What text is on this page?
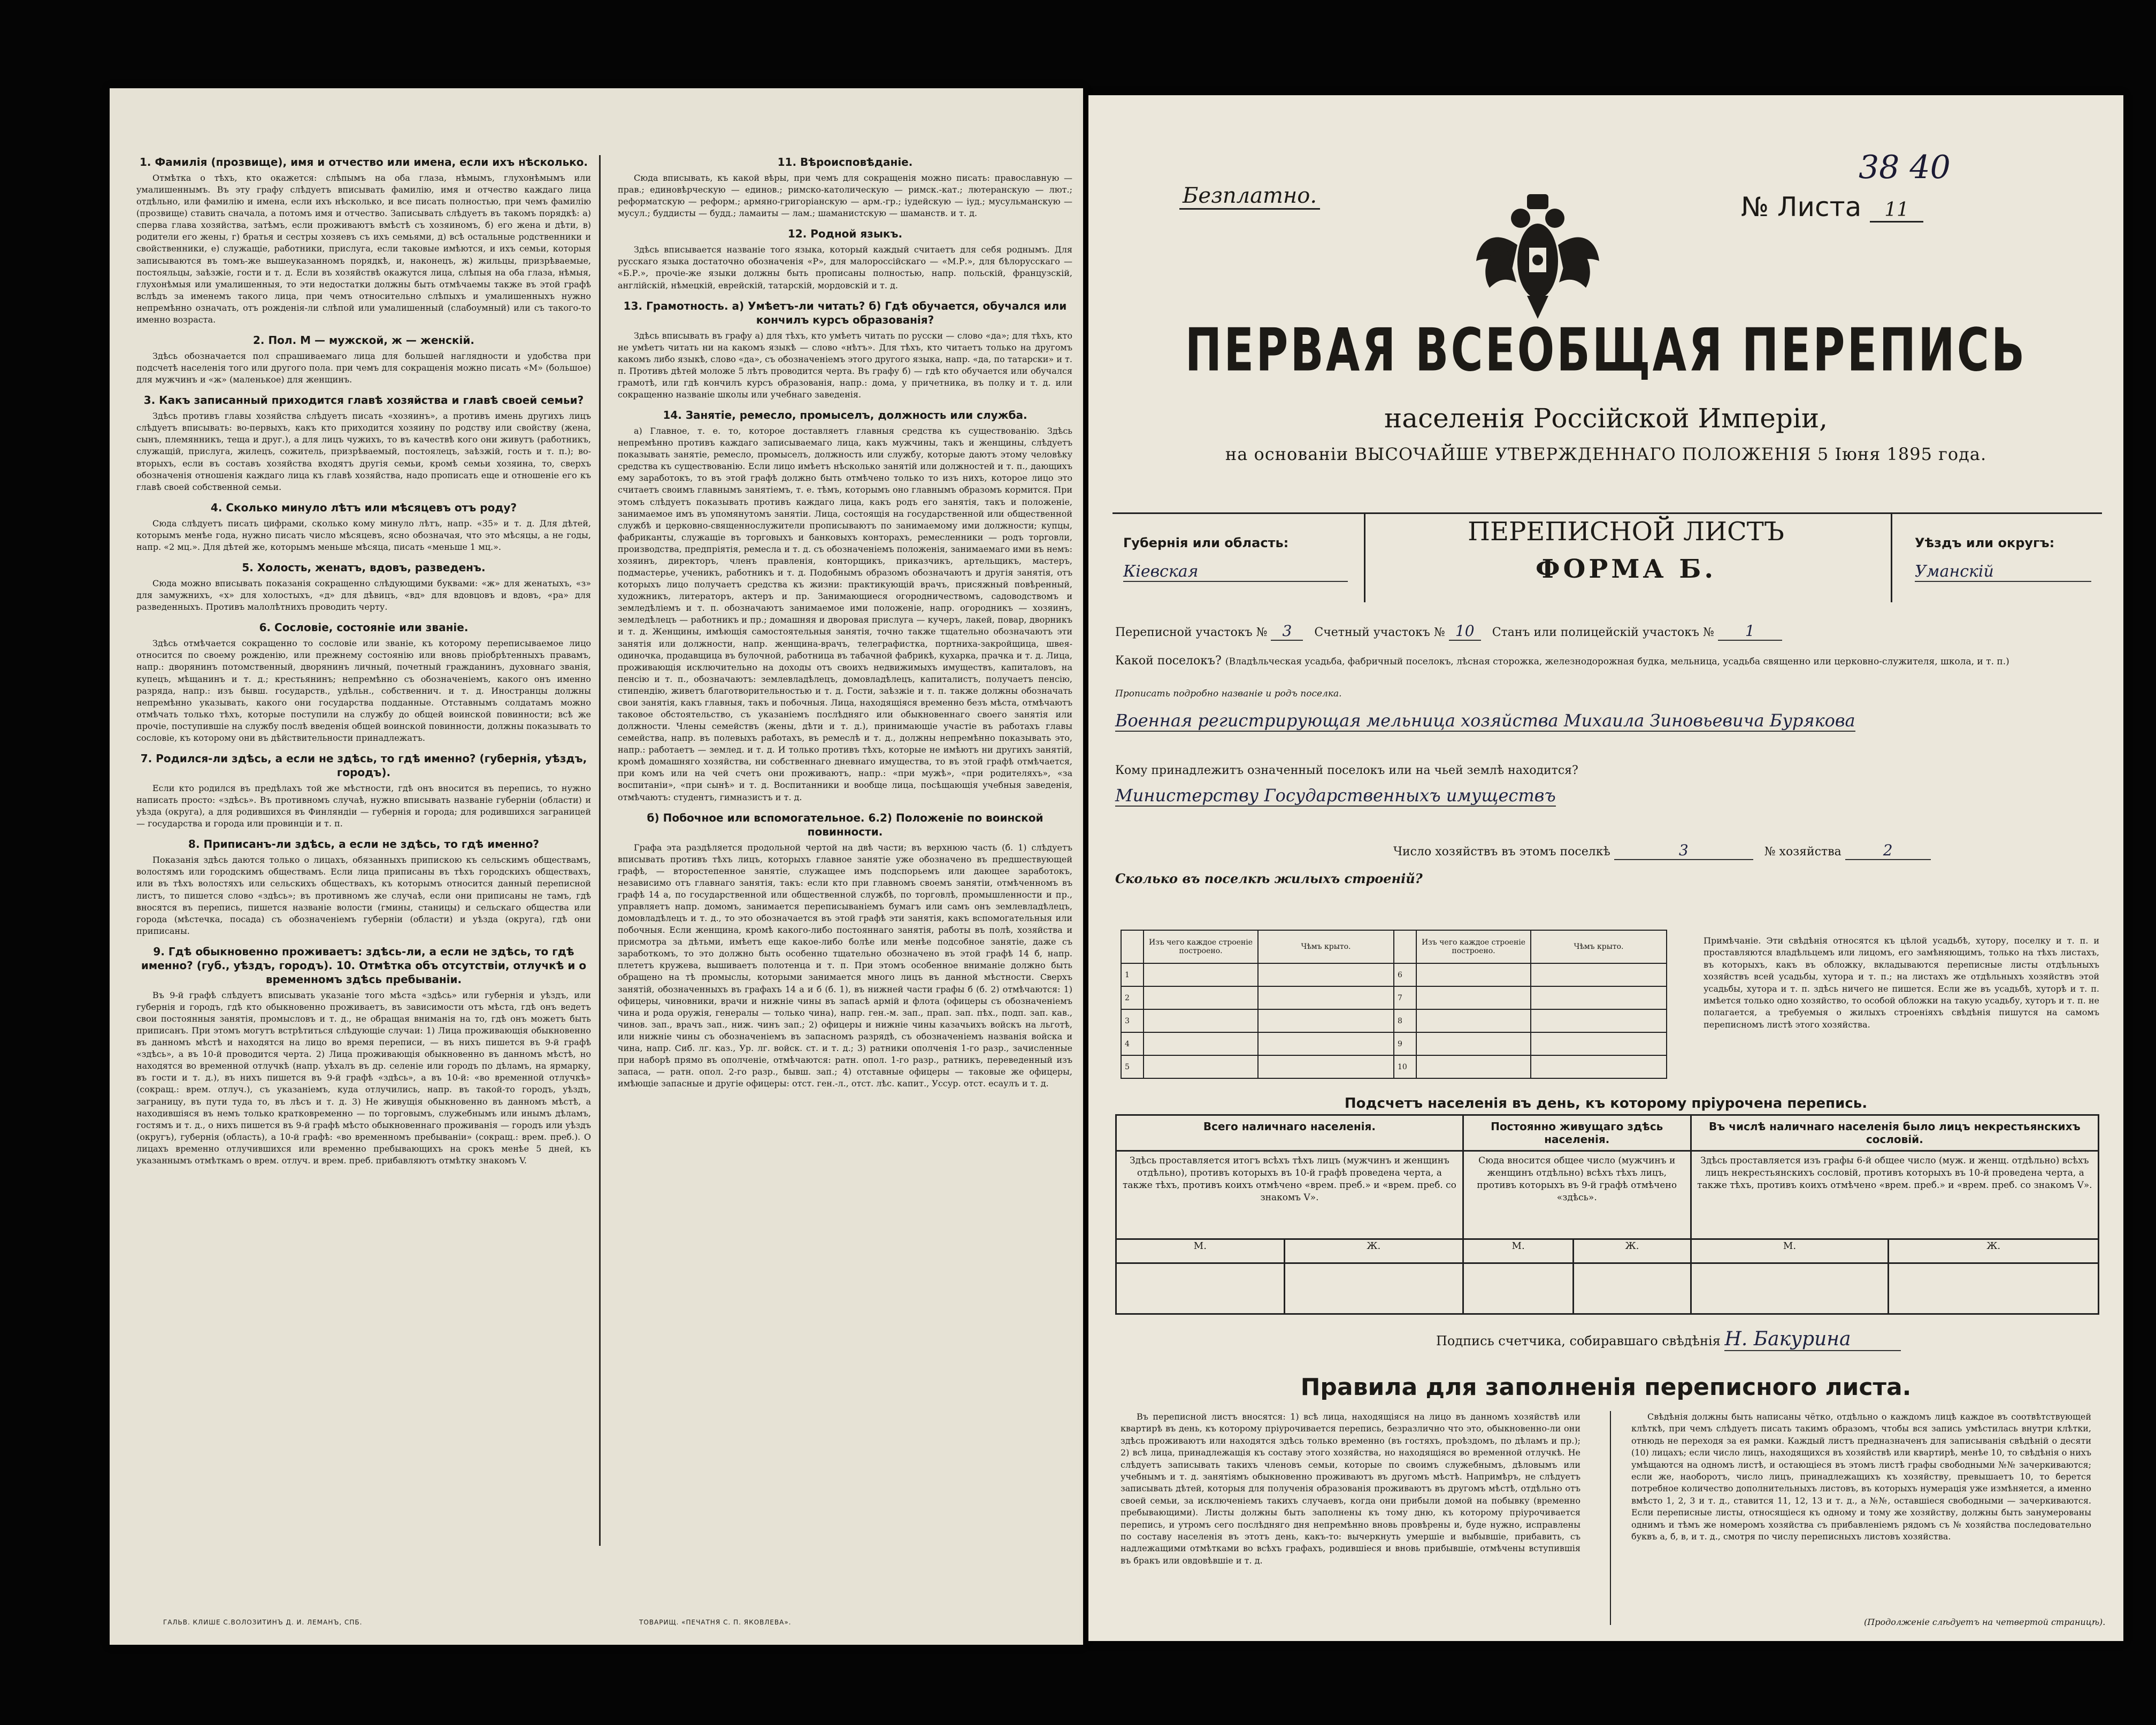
1. Фамилія (прозвище), имя и отчество или имена, если ихъ нѣсколько.
Отмѣтка о тѣхъ, кто окажется: слѣпымъ на оба глаза, нѣмымъ, глухонѣмымъ или умалишеннымъ. Въ эту графу слѣдуетъ вписывать фамилію, имя и отчество каждаго лица отдѣльно, или фамилію и имена, если ихъ нѣсколько, и все писать полностью, при чемъ фамилію (прозвище) ставить сначала, а потомъ имя и отчество. Записывать слѣдуетъ въ такомъ порядкѣ: а) сперва глава хозяйства, затѣмъ, если проживаютъ вмѣстѣ съ хозяиномъ, б) его жена и дѣти, в) родители его жены, г) братья и сестры хозяевъ съ ихъ семьями, д) всѣ остальные родственники и свойственники, е) служащіе, работники, прислуга, если таковые имѣются, и ихъ семьи, которыя записываются въ томъ-же вышеуказанномъ порядкѣ, и, наконецъ, ж) жильцы, призрѣваемые, постояльцы, заѣзжіе, гости и т. д. Если въ хозяйствѣ окажутся лица, слѣпыя на оба глаза, нѣмыя, глухонѣмыя или умалишенныя, то эти недостатки должны быть отмѣчаемы также въ этой графѣ вслѣдъ за именемъ такого лица, при чемъ относительно слѣпыхъ и умалишенныхъ нужно непремѣнно означать, отъ рожденія-ли слѣпой или умалишенный (слабоумный) или съ такого-то именно возраста.
2. Пол. М — мужской, ж — женскій.
Здѣсь обозначается пол спрашиваемаго лица для большей наглядности и удобства при подсчетѣ населенія того или другого пола. при чемъ для сокращенія можно писать «М» (большое) для мужчинъ и «ж» (маленькое) для женщинъ.
3. Какъ записанный приходится главѣ хозяйства и главѣ своей семьи?
Здѣсь противъ главы хозяйства слѣдуетъ писать «хозяинъ», а противъ имень другихъ лицъ слѣдуетъ вписывать: во-первыхъ, какъ кто приходится хозяину по родству или свойству (жена, сынъ, племянникъ, теща и друг.), а для лицъ чужихъ, то въ качествѣ кого они живутъ (работникъ, служащій, прислуга, жилецъ, сожитель, призрѣваемый, постоялецъ, заѣзжій, гость и т. п.); во-вторыхъ, если въ составъ хозяйства входятъ другія семьи, кромѣ семьи хозяина, то, сверхъ обозначенія отношенія каждаго лица къ главѣ хозяйства, надо прописать еще и отношеніе его къ главѣ своей собственной семьи.
4. Сколько минуло лѣтъ или мѣсяцевъ отъ роду?
Сюда слѣдуетъ писать цифрами, сколько кому минуло лѣтъ, напр. «35» и т. д. Для дѣтей, которымъ менѣе года, нужно писать число мѣсяцевъ, ясно обозначая, что это мѣсяцы, а не годы, напр. «2 мц.». Для дѣтей же, которымъ меньше мѣсяца, писать «меньше 1 мц.».
5. Холость, женатъ, вдовъ, разведенъ.
Сюда можно вписывать показанія сокращенно слѣдующими буквами: «ж» для женатыхъ, «з» для замужнихъ, «х» для холостыхъ, «д» для дѣвицъ, «вд» для вдовцовъ и вдовъ, «ра» для разведенныхъ. Противъ малолѣтнихъ проводить черту.
6. Сословіе, состояніе или званіе.
Здѣсь отмѣчается сокращенно то сословіе или званіе, къ которому переписываемое лицо относится по своему рожденію, или прежнему состоянію или вновь пріобрѣтенныхъ правамъ, напр.: дворянинъ потомственный, дворянинъ личный, почетный гражданинъ, духовнаго званія, купецъ, мѣщанинъ и т. д.; крестьянинъ; непремѣнно съ обозначеніемъ, какого онъ именно разряда, напр.: изъ бывш. государств., удѣльн., собственнич. и т. д. Иностранцы должны непремѣнно указывать, какого они государства подданные. Отставнымъ солдатамъ можно отмѣчать только тѣхъ, которые поступили на службу до общей воинской повинности; всѣ же прочіе, поступившіе на службу послѣ введенія общей воинской повинности, должны показывать то сословіе, къ которому они въ дѣйствительности принадлежатъ.
7. Родился-ли здѣсь, а если не здѣсь, то гдѣ именно? (губернія, уѣздъ, городъ).
Если кто родился въ предѣлахъ той же мѣстности, гдѣ онъ вносится въ перепись, то нужно написать просто: «здѣсь». Въ противномъ случаѣ, нужно вписывать названіе губерніи (области) и уѣзда (округа), а для родившихся въ Финляндіи — губернія и города; для родившихся заграницей — государства и города или провинціи и т. п.
8. Приписанъ-ли здѣсь, а если не здѣсь, то гдѣ именно?
Показанія здѣсь даются только о лицахъ, обязанныхъ припискою къ сельскимъ обществамъ, волостямъ или городскимъ обществамъ. Если лица приписаны въ тѣхъ городскихъ обществахъ, или въ тѣхъ волостяхъ или сельскихъ обществахъ, къ которымъ относится данный переписной листъ, то пишется слово «здѣсь»; въ противномъ же случаѣ, если они приписаны не тамъ, гдѣ вносятся въ перепись, пишется названіе волости (гмины, станицы) и сельскаго общества или города (мѣстечка, посада) съ обозначеніемъ губерніи (области) и уѣзда (округа), гдѣ они приписаны.
9. Гдѣ обыкновенно проживаетъ: здѣсь-ли, а если не здѣсь, то гдѣ именно? (губ., уѣздъ, городъ). 10. Отмѣтка объ отсутствіи, отлучкѣ и о временномъ здѣсь пребываніи.
Въ 9-й графѣ слѣдуетъ вписывать указаніе того мѣста «здѣсь» или губернія и уѣздъ, или губернія и городъ, гдѣ кто обыкновенно проживаетъ, въ зависимости отъ мѣста, гдѣ онъ ведетъ свои постоянныя занятія, промысловъ и т. д., не обращая вниманія на то, гдѣ онъ можетъ быть приписанъ. При этомъ могутъ встрѣтиться слѣдующіе случаи: 1) Лица проживающія обыкновенно въ данномъ мѣстѣ и находятся на лицо во время переписи, — въ нихъ пишется въ 9-й графѣ «здѣсь», а въ 10-й проводится черта. 2) Лица проживающія обыкновенно въ данномъ мѣстѣ, но находятся во временной отлучкѣ (напр. уѣхалъ въ др. селеніе или городъ по дѣламъ, на ярмарку, въ гости и т. д.), въ нихъ пишется въ 9-й графѣ «здѣсь», а въ 10-й: «во временной отлучкѣ» (сокращ.: врем. отлуч.), съ указаніемъ, куда отлучились, напр. въ такой-то городъ, уѣздъ, заграницу, въ пути туда то, въ лѣсъ и т. д. 3) Не живущія обыкновенно въ данномъ мѣстѣ, а находившіяся въ немъ только кратковременно — по торговымъ, служебнымъ или инымъ дѣламъ, гостямъ и т. д., о нихъ пишется въ 9-й графѣ мѣсто обыкновеннаго проживанія — городъ или уѣздъ (округъ), губернія (область), а 10-й графѣ: «во временномъ пребываніи» (сокращ.: врем. преб.). О лицахъ временно отлучившихся или временно пребывающихъ на срокъ менѣе 5 дней, къ указаннымъ отмѣткамъ о врем. отлуч. и врем. преб. прибавляютъ отмѣтку знакомъ V.
11. Вѣроисповѣданіе.
Сюда вписывать, къ какой вѣры, при чемъ для сокращенія можно писать: православную — прав.; единовѣрческую — единов.; римско-католическую — римск.-кат.; лютеранскую — лют.; реформатскую — реформ.; армяно-григоріанскую — арм.-гр.; іудейскую — іуд.; мусульманскую — мусул.; буддисты — будд.; ламаиты — лам.; шаманистскую — шаманств. и т. д.
12. Родной языкъ.
Здѣсь вписывается названіе того языка, который каждый считаетъ для себя роднымъ. Для русскаго языка достаточно обозначенія «Р», для малороссійскаго — «М.Р.», для бѣлорусскаго — «Б.Р.», прочіе-же языки должны быть прописаны полностью, напр. польскій, французскій, англійскій, нѣмецкій, еврейскій, татарскій, мордовскій и т. д.
13. Грамотность. а) Умѣетъ-ли читать? б) Гдѣ обучается, обучался или кончилъ курсъ образованія?
Здѣсь вписывать въ графу а) для тѣхъ, кто умѣетъ читать по русски — слово «да»; для тѣхъ, кто не умѣетъ читать ни на какомъ языкѣ — слово «нѣтъ». Для тѣхъ, кто читаетъ только на другомъ какомъ либо языкѣ, слово «да», съ обозначеніемъ этого другого языка, напр. «да, по татарски» и т. п. Противъ дѣтей моложе 5 лѣтъ проводится черта. Въ графу б) — гдѣ кто обучается или обучался грамотѣ, или гдѣ кончилъ курсъ образованія, напр.: дома, у причетника, въ полку и т. д. или сокращенно названіе школы или учебнаго заведенія.
14. Занятіе, ремесло, промыселъ, должность или служба.
а) Главное, т. е. то, которое доставляетъ главныя средства къ существованію. Здѣсь непремѣнно противъ каждаго записываемаго лица, какъ мужчины, такъ и женщины, слѣдуетъ показывать занятіе, ремесло, промыселъ, должность или службу, которые даютъ этому человѣку средства къ существованію. Если лицо имѣетъ нѣсколько занятій или должностей и т. п., дающихъ ему заработокъ, то въ этой графѣ должно быть отмѣчено только то изъ нихъ, которое лицо это считаетъ своимъ главнымъ занятіемъ, т. е. тѣмъ, которымъ оно главнымъ образомъ кормится. При этомъ слѣдуетъ показывать противъ каждаго лица, какъ родъ его занятія, такъ и положеніе, занимаемое имъ въ упомянутомъ занятіи. Лица, состоящія на государственной или общественной службѣ и церковно-священнослужители прописываютъ по занимаемому ими должности; купцы, фабриканты, служащіе въ торговыхъ и банковыхъ конторахъ, ремесленники — родъ торговли, производства, предпріятія, ремесла и т. д. съ обозначеніемъ положенія, занимаемаго ими въ немъ: хозяинъ, директоръ, членъ правленія, конторщикъ, приказчикъ, артельщикъ, мастеръ, подмастерье, ученикъ, работникъ и т. д. Подобнымъ образомъ обозначаютъ и другія занятія, отъ которыхъ лицо получаетъ средства къ жизни: практикующій врачъ, присяжный повѣренный, художникъ, литераторъ, актеръ и пр. Занимающиеся огородничествомъ, садоводствомъ и земледѣліемъ и т. п. обозначаютъ занимаемое ими положеніе, напр. огородникъ — хозяинъ, земледѣлецъ — работникъ и пр.; домашняя и дворовая прислуга — кучеръ, лакей, повар, дворникъ и т. д. Женщины, имѣющія самостоятельныя занятія, точно также тщательно обозначаютъ эти занятія или должности, напр. женщина-врачъ, телеграфистка, портниха-закройщица, швея-одиночка, продавщица въ булочной, работница въ табачной фабрикѣ, кухарка, прачка и т. д. Лица, проживающія исключительно на доходы отъ своихъ недвижимыхъ имуществъ, капиталовъ, на пенсію и т. п., обозначаютъ: землевладѣлецъ, домовладѣлецъ, капиталистъ, получаетъ пенсію, стипендію, живетъ благотворительностью и т. д. Гости, заѣзжіе и т. п. также должны обозначать свои занятія, какъ главныя, такъ и побочныя. Лица, находящіяся временно безъ мѣста, отмѣчаютъ таковое обстоятельство, съ указаніемъ послѣдняго или обыкновеннаго своего занятія или должности. Члены семействъ (жены, дѣти и т. д.), принимающіе участіе въ работахъ главы семейства, напр. въ полевыхъ работахъ, въ ремеслѣ и т. д., должны непремѣнно показывать это, напр.: работаетъ — землед. и т. д. И только противъ тѣхъ, которые не имѣютъ ни другихъ занятій, кромѣ домашняго хозяйства, ни собственнаго дневнаго имущества, то въ этой графѣ отмѣчается, при комъ или на чей счетъ они проживаютъ, напр.: «при мужѣ», «при родителяхъ», «за воспитаніи», «при сынѣ» и т. д. Воспитанники и вообще лица, посѣщающія учебныя заведенія, отмѣчаютъ: студентъ, гимназистъ и т. д.
б) Побочное или вспомогательное. 6.2) Положеніе по воинской повинности.
Графа эта раздѣляется продольной чертой на двѣ части; въ верхнюю часть (б. 1) слѣдуетъ вписывать противъ тѣхъ лицъ, которыхъ главное занятіе уже обозначено въ предшествующей графѣ, — второстепенное занятіе, служащее имъ подспорьемъ или дающее заработокъ, независимо отъ главнаго занятія, такъ: если кто при главномъ своемъ занятіи, отмѣченномъ въ графѣ 14 а, по государственной или общественной службѣ, по торговлѣ, промышленности и пр., управляетъ напр. домомъ, занимается переписываніемъ бумагъ или самъ онъ землевладѣлецъ, домовладѣлецъ и т. д., то это обозначается въ этой графѣ эти занятія, какъ вспомогательныя или побочныя. Если женщина, кромѣ какого-либо постояннаго занятія, работы въ полѣ, хозяйства и присмотра за дѣтьми, имѣетъ еще какое-либо болѣе или менѣе подсобное занятіе, даже съ заработкомъ, то это должно быть особенно тщательно обозначено въ этой графѣ 14 б, напр. плететъ кружева, вышиваетъ полотенца и т. п. При этомъ особенное вниманіе должно быть обращено на тѣ промыслы, которыми занимается много лицъ въ данной мѣстности. Сверхъ занятій, обозначенныхъ въ графахъ 14 а и б (б. 1), въ нижней части графы б (б. 2) отмѣчаются: 1) офицеры, чиновники, врачи и нижніе чины въ запасѣ армій и флота (офицеры съ обозначеніемъ чина и рода оружія, генералы — только чина), напр. ген.-м. зап., прап. зап. пѣх., подп. зап. кав., чинов. зап., врачъ зап., ниж. чинъ зап.; 2) офицеры и нижніе чины казачьихъ войскъ на льготѣ, или нижніе чины съ обозначеніемъ въ запасномъ разрядѣ, съ обозначеніемъ названія войска и чина, напр. Сиб. лг. каз., Ур. лг. войск. ст. и т. д.; 3) ратники ополченія 1-го разр., зачисленные при наборѣ прямо въ ополченіе, отмѣчаются: ратн. опол. 1-го разр., ратникъ, переведенный изъ запаса, — ратн. опол. 2-го разр., бывш. зап.; 4) отставные офицеры — таковые же офицеры, имѣющіе запасные и другіе офицеры: отст. ген.-л., отст. лѣс. капит., Уссур. отст. есаулъ и т. д.
ГАЛЬВ. КЛИШЕ С.ВОЛОЗИТИНЪ Д. И. ЛЕМАНЪ, СПБ.	ТОВАРИЩ. «ПЕЧАТНЯ С. П. ЯКОВЛЕВА».
Безплатно.	№ Листа 11
38 40
ПЕРВАЯ ВСЕОБЩАЯ ПЕРЕПИСЬ
населенія Россійской Имперіи,
на основаніи ВЫСОЧАЙШЕ УТВЕРЖДЕННАГО ПОЛОЖЕНІЯ 5 Іюня 1895 года.
Губернія или область:
Кіевская
ПЕРЕПИСНОЙ ЛИСТЪ
ФОРМА Б.
Уѣздъ или округъ:
Уманскій
Переписной участокъ № 3 Счетный участокъ № 10 Станъ или полицейскій участокъ № 1
Какой поселокъ? (Владѣльческая усадьба, фабричный поселокъ, лѣсная сторожка, железнодорожная будка, мельница, усадьба священно или церковно-служителя, школа, и т. п.)
Прописать подробно названіе и родъ поселка.
Военная регистрирующая мельница хозяйства Михаила Зиновьевича Бурякова
Кому принадлежитъ означенный поселокъ или на чьей землѣ находится?
Министерству Государственныхъ имуществъ
Число хозяйствъ въ этомъ поселкѣ	3	№ хозяйства	2
Сколько въ поселкѣ жилыхъ строеній?
	Изъ чего каждое строеніе построено.	Чѣмъ крыто.		Изъ чего каждое строеніе построено.	Чѣмъ крыто.
1			6		
2			7		
3			8		
4			9		
5			10		
Примѣчаніе. Эти свѣдѣнія относятся къ цѣлой усадьбѣ, хутору, поселку и т. п. и проставляются владѣльцемъ или лицомъ, его замѣняющимъ, только на тѣхъ листахъ, въ которыхъ, какъ въ обложку, вкладываются переписные листы отдѣльныхъ хозяйствъ всей усадьбы, хутора и т. п.; на листахъ же отдѣльныхъ хозяйствъ этой усадьбы, хутора и т. п. здѣсь ничего не пишется. Если же въ усадьбѣ, хуторѣ и т. п. имѣется только одно хозяйство, то особой обложки на такую усадьбу, хуторъ и т. п. не полагается, а требуемыя о жилыхъ строеніяхъ свѣдѣнія пишутся на самомъ переписномъ листѣ этого хозяйства.
Подсчетъ населенія въ день, къ которому пріурочена перепись.
Всего наличнаго населенія.		Постоянно живущаго здѣсь населенія.		Въ числѣ наличнаго населенія было лицъ некрестьянскихъ сословій.	
Здѣсь проставляется итогъ всѣхъ тѣхъ лицъ (мужчинъ и женщинъ отдѣльно), противъ которыхъ въ 10-й графѣ проведена черта, а также тѣхъ, противъ коихъ отмѣчено «врем. преб.» и «врем. преб. со знакомъ V».		Сюда вносится общее число (мужчинъ и женщинъ отдѣльно) всѣхъ тѣхъ лицъ, противъ которыхъ въ 9-й графѣ отмѣчено «здѣсь».		Здѣсь проставляется изъ графы 6-й общее число (муж. и женщ. отдѣльно) всѣхъ лицъ некрестьянскихъ сословій, противъ которыхъ въ 10-й проведена черта, а также тѣхъ, противъ коихъ отмѣчено «врем. преб.» и «врем. преб. со знакомъ V».	
М.	Ж.	М.	Ж.	М.	Ж.

Подпись счетчика, собиравшаго свѣдѣнія Н. Бакурина
Правила для заполненія переписного листа.
Въ переписной листъ вносятся: 1) всѣ лица, находящіяся на лицо въ данномъ хозяйствѣ или квартирѣ въ день, къ которому пріурочивается перепись, безразлично что это, обыкновенно-ли они здѣсь проживаютъ или находятся здѣсь только временно (въ гостяхъ, проѣздомъ, по дѣламъ и пр.); 2) всѣ лица, принадлежащія къ составу этого хозяйства, но находящіяся во временной отлучкѣ. Не слѣдуетъ записывать такихъ членовъ семьи, которые по своимъ служебнымъ, дѣловымъ или учебнымъ и т. д. занятіямъ обыкновенно проживаютъ въ другомъ мѣстѣ. Напримѣръ, не слѣдуетъ записывать дѣтей, которыя для полученія образованія проживаютъ въ другомъ мѣстѣ, отдѣльно отъ своей семьи, за исключеніемъ такихъ случаевъ, когда они прибыли домой на побывку (временно пребывающими). Листы должны быть заполнены къ тому дню, къ которому пріурочивается перепись, и утромъ сего послѣдняго дня непремѣнно вновь провѣрены и, буде нужно, исправлены по составу населенія въ этотъ день, какъ-то: вычеркнуть умершіе и выбывшіе, прибавить, съ надлежащими отмѣтками во всѣхъ графахъ, родившіеся и вновь прибывшіе, отмѣчены вступившія въ бракъ или овдовѣвшіе и т. д.
Свѣдѣнія должны быть написаны чётко, отдѣльно о каждомъ лицѣ каждое въ соотвѣтствующей клѣткѣ, при чемъ слѣдуетъ писать такимъ образомъ, чтобы вся запись умѣстилась внутри клѣтки, отнюдь не переходя за ея рамки. Каждый листъ предназначенъ для записыванія свѣдѣній о десяти (10) лицахъ; если число лицъ, находящихся въ хозяйствѣ или квартирѣ, менѣе 10, то свѣдѣнія о нихъ умѣщаются на одномъ листѣ, и остающіеся въ этомъ листѣ графы свободными №№ зачеркиваются; если же, наоборотъ, число лицъ, принадлежащихъ къ хозяйству, превышаетъ 10, то берется потребное количество дополнительныхъ листовъ, въ которыхъ нумерація уже измѣняется, а именно вмѣсто 1, 2, 3 и т. д., ставится 11, 12, 13 и т. д., а №№, оставшіеся свободными — зачеркиваются. Если переписные листы, относящіеся къ одному и тому же хозяйству, должны быть занумерованы однимъ и тѣмъ же номеромъ хозяйства съ прибавленіемъ рядомъ съ № хозяйства последовательно буквъ а, б, в, и т. д., смотря по числу переписныхъ листовъ хозяйства.
(Продолженіе слѣдуетъ на четвертой страницѣ).
